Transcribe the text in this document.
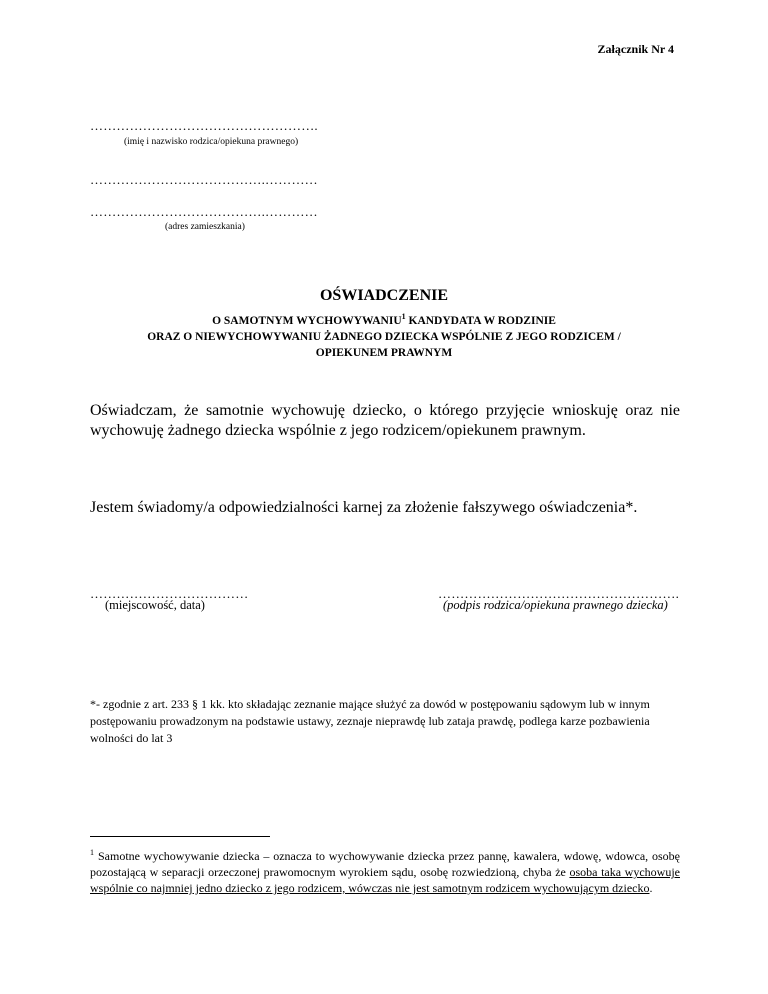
Załącznik Nr 4
…………………………………………….
(imię i nazwisko rodzica/opiekuna prawnego)
………………………………….…………
………………………………….…………
(adres zamieszkania)
OŚWIADCZENIE
O SAMOTNYM WYCHOWYWANIU$^1$ KANDYDATA W RODZINIE
ORAZ O NIEWYCHOWYWANIU ŻADNEGO DZIECKA WSPÓLNIE Z JEGO RODZICEM /
OPIEKUNEM PRAWNYM
Oświadczam, że samotnie wychowuję dziecko, o którego przyjęcie wnioskuję oraz nie wychowuję żadnego dziecka wspólnie z jego rodzicem/opiekunem prawnym.
Jestem świadomy/a odpowiedzialności karnej za złożenie fałszywego oświadczenia*.
………………………………
(miejscowość, data)
……………………………………………….
(podpis rodzica/opiekuna prawnego dziecka)
*- zgodnie z art. 233 § 1 kk. kto składając zeznanie mające służyć za dowód w postępowaniu sądowym lub w innym postępowaniu prowadzonym na podstawie ustawy, zeznaje nieprawdę lub zataja prawdę, podlega karze pozbawienia wolności do lat 3
$^1$ Samotne wychowywanie dziecka – oznacza to wychowywanie dziecka przez pannę, kawalera, wdowę, wdowca, osobę pozostającą w separacji orzeczonej prawomocnym wyrokiem sądu, osobę rozwiedzioną, chyba że osoba taka wychowuje wspólnie co najmniej jedno dziecko z jego rodzicem, wówczas nie jest samotnym rodzicem wychowującym dziecko.
